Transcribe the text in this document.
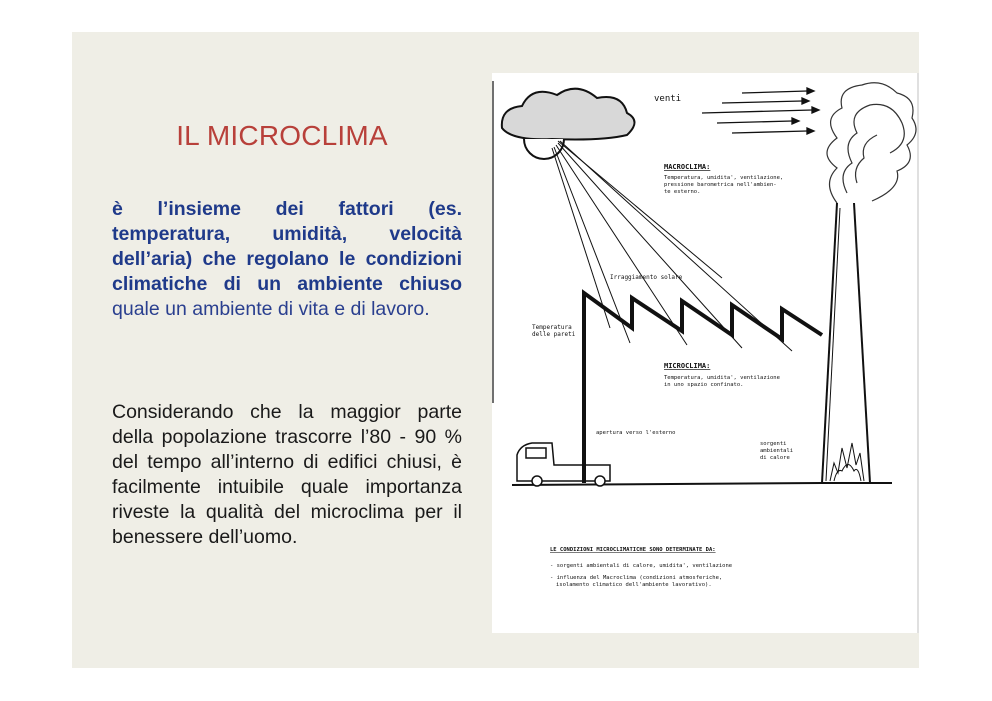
IL MICROCLIMA
è l’insieme dei fattori (es. temperatura, umidità, velocità dell’aria) che regolano le condizioni climatiche di un ambiente chiuso quale un ambiente di vita e di lavoro.
Considerando che la maggior parte della popolazione trascorre l’80 - 90 % del tempo all’interno di edifici chiusi, è facilmente intuibile quale importanza riveste la qualità del microclima per il benessere dell’uomo.
venti
Irraggiamento solare
MACROCLIMA:
Temperatura, umidita', ventilazione,
pressione barometrica nell'ambien-
te esterno.
Temperatura
delle pareti
MICROCLIMA:
Temperatura, umidita', ventilazione
in uno spazio confinato.
apertura verso l'esterno
sorgenti
ambientali
di calore
LE CONDIZIONI MICROCLIMATICHE SONO DETERMINATE DA:
- sorgenti ambientali di calore, umidita', ventilazione
- influenza del Macroclima (condizioni atmosferiche,
isolamento climatico dell'ambiente lavorativo).
